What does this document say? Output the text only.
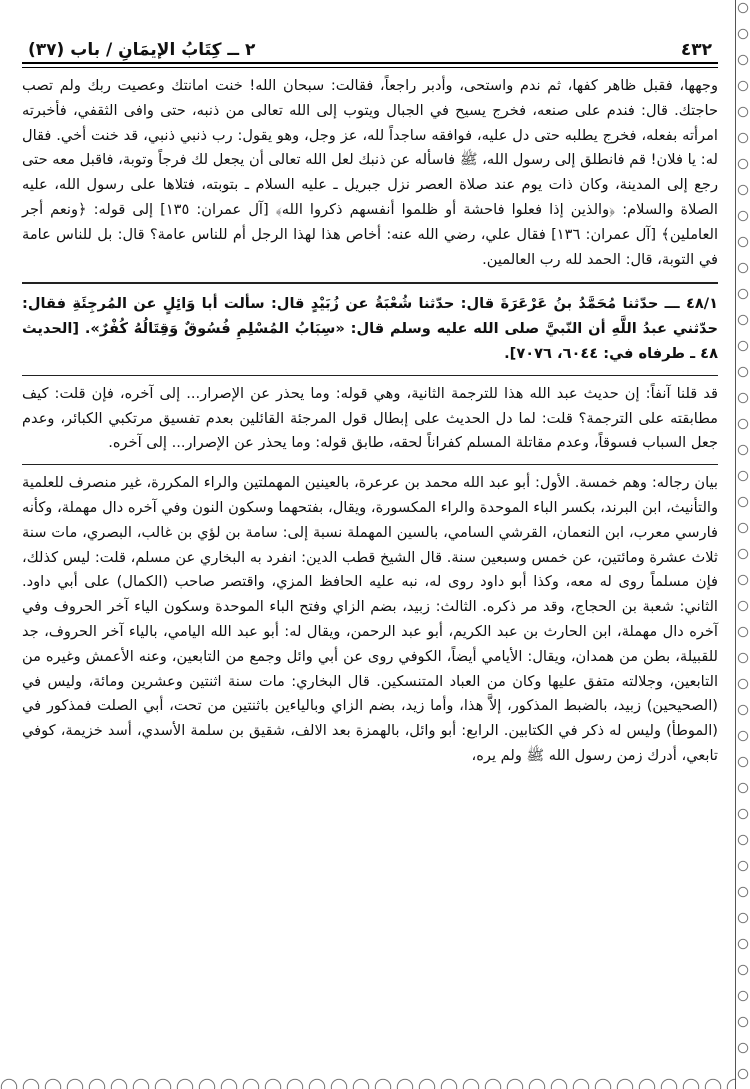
٤٣٢
٢ ــ كِتَابُ الإيمَانِ / باب (٣٧)

وجهها، فقبل ظاهر كفها، ثم ندم واستحى، وأدبر راجعاً، فقالت: سبحان الله! خنت امانتك وعصيت ربك ولم تصب حاجتك. قال: فندم على صنعه، فخرج يسيح في الجبال ويتوب إلى الله تعالى من ذنبه، حتى وافى الثقفي، فأخبرته امرأته بفعله، فخرج يطلبه حتى دل عليه، فوافقه ساجداً لله، عز وجل، وهو يقول: رب ذنبي ذنبي، قد خنت أخي. فقال له: يا فلان! قم فانطلق إلى رسول الله، ﷺ فاسأله عن ذنبك لعل الله تعالى أن يجعل لك فرجاً وتوبة، فاقبل معه حتى رجع إلى المدينة، وكان ذات يوم عند صلاة العصر نزل جبريل ـ عليه السلام ـ بتوبته، فتلاها على رسول الله، عليه الصلاة والسلام: ﴿والذين إذا فعلوا فاحشة أو ظلموا أنفسهم ذكروا الله﴾ [آل عمران: ١٣٥] إلى قوله: ﴿ونعم أجر العاملين﴾ [آل عمران: ١٣٦] فقال علي، رضي الله عنه: أخاص هذا لهذا الرجل أم للناس عامة؟ قال: بل للناس عامة في التوبة، قال: الحمد لله رب العالمين.

٤٨/١ ـــ حدّثنا مُحَمَّدُ بنُ عَرْعَرَةَ قال: حدّثنا شُعْبَةُ عن زُبَيْدٍ قال: سألت أبا وَائِلٍ عن المُرجِئَةِ فقال: حدّثني عبدُ اللَّهِ أن النّبيَّ صلى الله عليه وسلم قال: «سِبَابُ المُسْلِمِ فُسُوقٌ وَقِتَالُهُ كُفْرٌ». [الحديث ٤٨ ـ طرفاه في: ٦٠٤٤، ٧٠٧٦].

قد قلنا آنفاً: إن حديث عبد الله هذا للترجمة الثانية، وهي قوله: وما يحذر عن الإصرار... إلى آخره، فإن قلت: كيف مطابقته على الترجمة؟ قلت: لما دل الحديث على إبطال قول المرجئة القائلين بعدم تفسيق مرتكبي الكبائر، وعدم جعل السباب فسوقاً، وعدم مقاتلة المسلم كفراناً لحقه، طابق قوله: وما يحذر عن الإصرار... إلى آخره.

بيان رجاله: وهم خمسة. الأول: أبو عبد الله محمد بن عرعرة، بالعينين المهملتين والراء المكررة، غير منصرف للعلمية والتأنيث، ابن البرند، بكسر الباء الموحدة والراء المكسورة، ويقال، بفتحهما وسكون النون وفي آخره دال مهملة، وكأنه فارسي معرب، ابن النعمان، القرشي السامي، بالسين المهملة نسبة إلى: سامة بن لؤي بن غالب، البصري، مات سنة ثلاث عشرة ومائتين، عن خمس وسبعين سنة. قال الشيخ قطب الدين: انفرد به البخاري عن مسلم، قلت: ليس كذلك، فإن مسلماً روى له معه، وكذا أبو داود روى له، نبه عليه الحافظ المزي، واقتصر صاحب (الكمال) على أبي داود. الثاني: شعبة بن الحجاج، وقد مر ذكره. الثالث: زبيد، بضم الزاي وفتح الباء الموحدة وسكون الياء آخر الحروف وفي آخره دال مهملة، ابن الحارث بن عبد الكريم، أبو عبد الرحمن، ويقال له: أبو عبد الله اليامي، بالياء آخر الحروف، جد للقبيلة، بطن من همدان، ويقال: الأيامي أيضاً، الكوفي روى عن أبي وائل وجمع من التابعين، وعنه الأعمش وغيره من التابعين، وجلالته متفق عليها وكان من العباد المتنسكين. قال البخاري: مات سنة اثنتين وعشرين ومائة، وليس في (الصحيحين) زبيد، بالضبط المذكور، إلاَّ هذا، وأما زيد، بضم الزاي وبالياءين باثنتين من تحت، أبي الصلت فمذكور في (الموطأ) وليس له ذكر في الكتابين. الرابع: أبو وائل، بالهمزة بعد الالف، شقيق بن سلمة الأسدي، أسد خزيمة، كوفي تابعي، أدرك زمن رسول الله ﷺ ولم يره،
